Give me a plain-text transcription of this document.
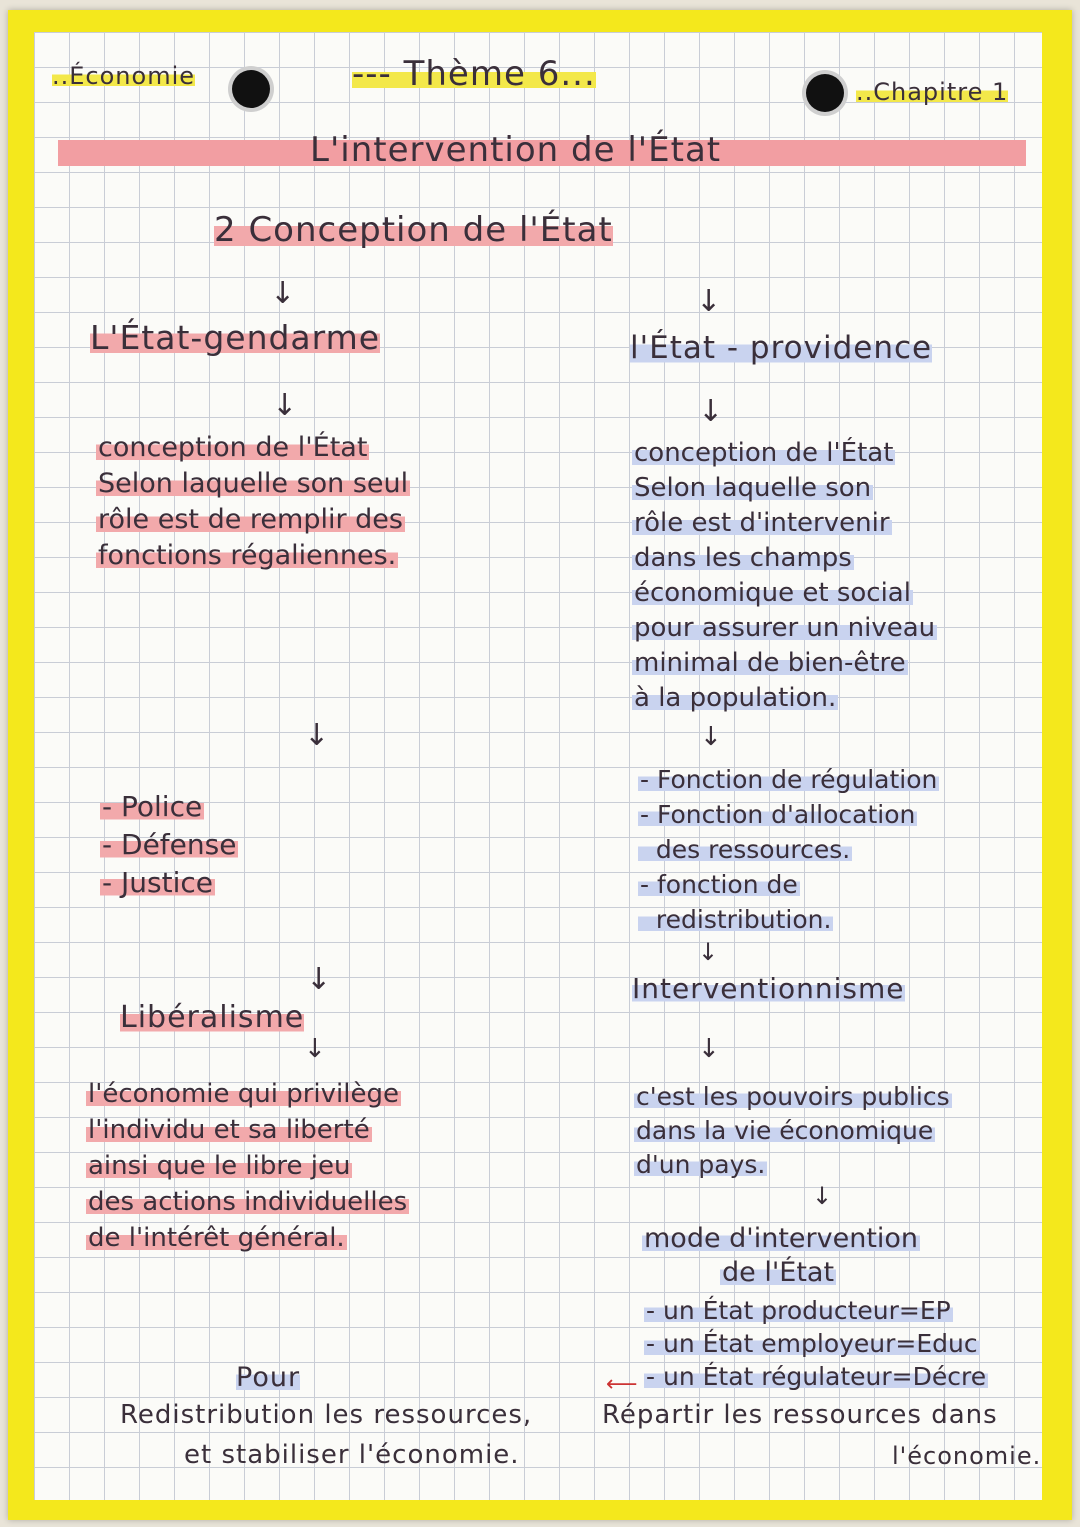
..Économie	--- Thème 6...	..Chapitre 1
L'intervention de l'État
2 Conception de l'État
↓	↓
L'État-gendarme
↓
conception de l'État
Selon laquelle son seul
rôle est de remplir des
fonctions régaliennes.
↓
- Police
- Défense
- Justice
↓
Libéralisme
↓
l'économie qui privilège
l'individu et sa liberté
ainsi que le libre jeu
des actions individuelles
de l'intérêt général.
l'État - providence
↓
conception de l'État
Selon laquelle son
rôle est d'intervenir
dans les champs
économique et social
pour assurer un niveau
minimal de bien-être
à la population.
↓
- Fonction de régulation
- Fonction d'allocation
des ressources.
- fonction de
redistribution.
↓
Interventionnisme
↓
c'est les pouvoirs publics
dans la vie économique
d'un pays.
↓
mode d'intervention
de l'État
- un État producteur=EP
- un État employeur=Educ
- un État régulateur=Décre
Pour	⟵
Redistribution les ressources,
et stabiliser l'économie.
Répartir les ressources dans
l'économie.
